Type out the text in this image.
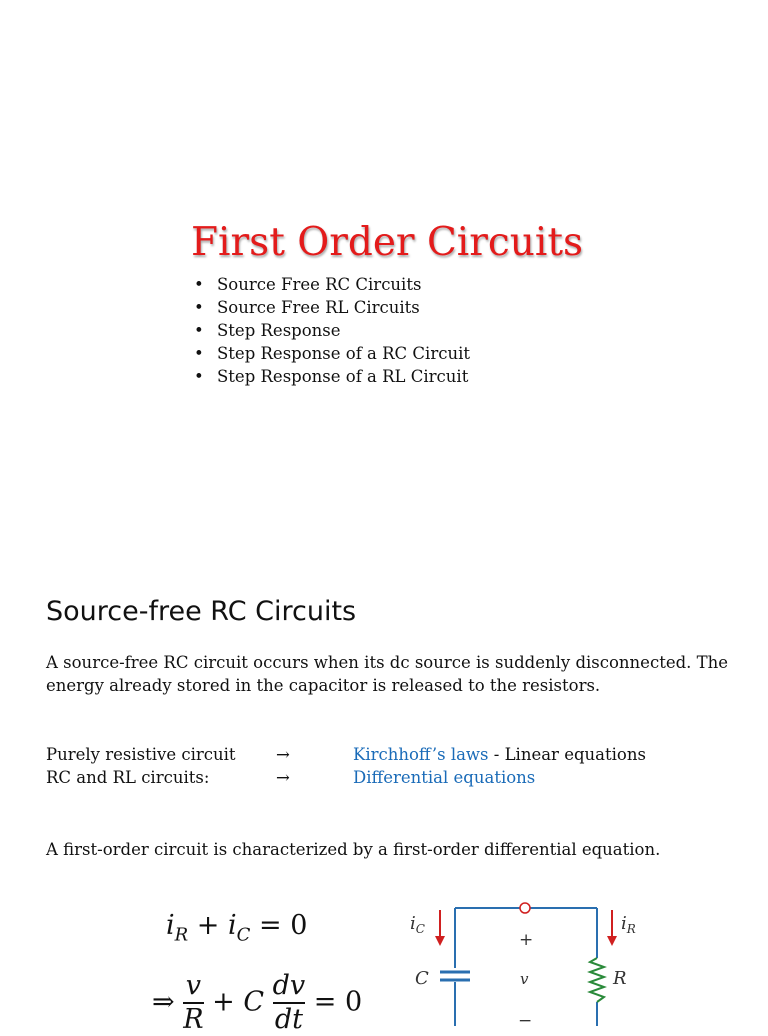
First Order Circuits
• Source Free RC Circuits
• Source Free RL Circuits
• Step Response
• Step Response of a RC Circuit
• Step Response of a RL Circuit
Source-free RC Circuits
A source-free RC circuit occurs when its dc source is suddenly disconnected. The
energy already stored in the capacitor is released to the resistors.
Purely resistive circuit →	Kirchhoff’s laws - Linear equations
RC and RL circuits:	→	Differential equations
A first-order circuit is characterized by a first-order differential equation.
$i_R + i_C = 0$
⇒ $\frac{v}{R} + C \frac{dv}{dt} = 0$
$i_C$	$i_R$
C	R
+
v
−
